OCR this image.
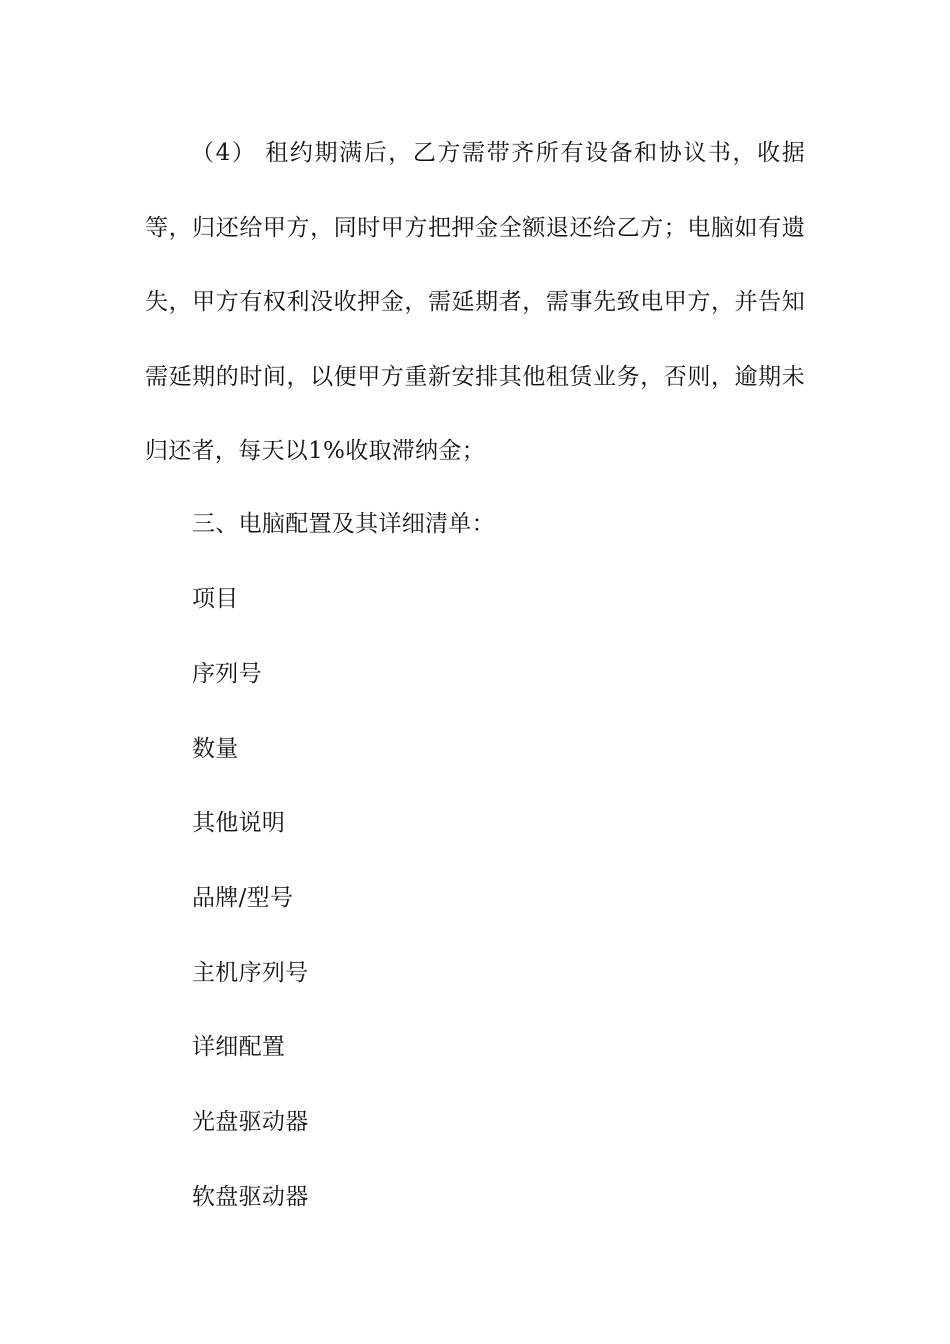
（4） 租约期满后，乙方需带齐所有设备和协议书，收据等，归还给甲方，同时甲方把押金全额退还给乙方；电脑如有遗失，甲方有权利没收押金，需延期者，需事先致电甲方，并告知需延期的时间，以便甲方重新安排其他租赁业务，否则，逾期未归还者，每天以1%收取滞纳金；

三、电脑配置及其详细清单：

项目

序列号

数量

其他说明

品牌/型号

主机序列号

详细配置

光盘驱动器

软盘驱动器
